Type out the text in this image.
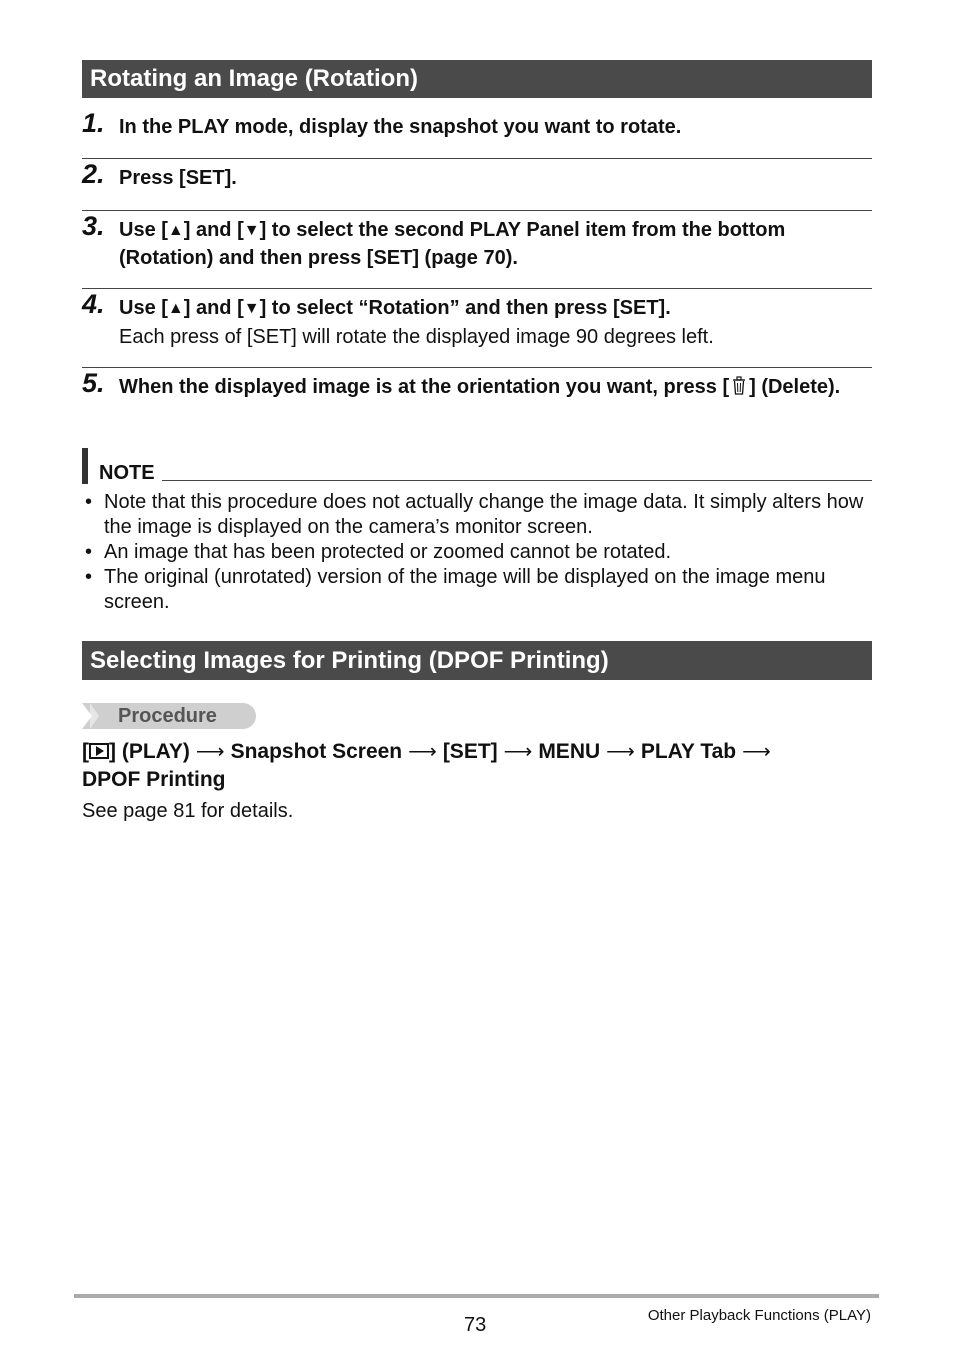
Rotating an Image (Rotation)
1. In the PLAY mode, display the snapshot you want to rotate.
2. Press [SET].
3. Use [▲] and [▼] to select the second PLAY Panel item from the bottom (Rotation) and then press [SET] (page 70).
4. Use [▲] and [▼] to select “Rotation” and then press [SET].
Each press of [SET] will rotate the displayed image 90 degrees left.
5. When the displayed image is at the orientation you want, press [ ] (Delete).
NOTE
• Note that this procedure does not actually change the image data. It simply alters how the image is displayed on the camera’s monitor screen.
• An image that has been protected or zoomed cannot be rotated.
• The original (unrotated) version of the image will be displayed on the image menu screen.
Selecting Images for Printing (DPOF Printing)
Procedure
[ ] (PLAY) ⟶ Snapshot Screen ⟶ [SET] ⟶ MENU ⟶ PLAY Tab ⟶
DPOF Printing
See page 81 for details.
73	Other Playback Functions (PLAY)
